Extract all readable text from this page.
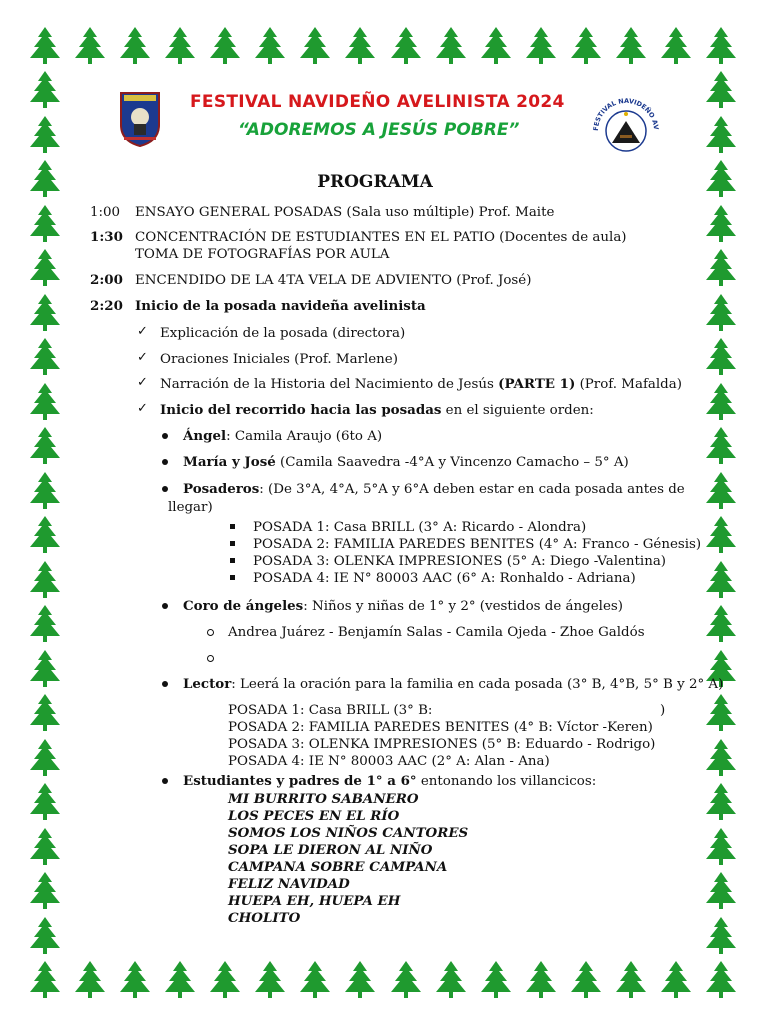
FESTIVAL NAVIDEÑO AVELINISTA 2024
“ADOREMOS A JESÚS POBRE”	FESTIVAL NAVIDEÑO AV
PROGRAMA
1:00 ENSAYO GENERAL POSADAS (Sala uso múltiple) Prof. Maite
1:30 CONCENTRACIÓN DE ESTUDIANTES EN EL PATIO (Docentes de aula)
TOMA DE FOTOGRAFÍAS POR AULA
2:00 ENCENDIDO DE LA 4TA VELA DE ADVIENTO (Prof. José)
2:20 Inicio de la posada navideña avelinista
✓ Explicación de la posada (directora)
✓ Oraciones Iniciales (Prof. Marlene)
✓ Narración de la Historia del Nacimiento de Jesús (PARTE 1) (Prof. Mafalda)
✓ Inicio del recorrido hacia las posadas en el siguiente orden:
Ángel: Camila Araujo (6to A)
María y José (Camila Saavedra -4°A y Vincenzo Camacho – 5° A)
Posaderos: (De 3°A, 4°A, 5°A y 6°A deben estar en cada posada antes de
llegar)
POSADA 1: Casa BRILL (3° A: Ricardo - Alondra)
POSADA 2: FAMILIA PAREDES BENITES (4° A: Franco - Génesis)
POSADA 3: OLENKA IMPRESIONES (5° A: Diego -Valentina)
POSADA 4: IE N° 80003 AAC (6° A: Ronhaldo - Adriana)
Coro de ángeles: Niños y niñas de 1° y 2° (vestidos de ángeles)
Andrea Juárez - Benjamín Salas - Camila Ojeda - Zhoe Galdós
Lector: Leerá la oración para la familia en cada posada (3° B, 4°B, 5° B y 2° A)
POSADA 1: Casa BRILL (3° B:	)
POSADA 2: FAMILIA PAREDES BENITES (4° B: Víctor -Keren)
POSADA 3: OLENKA IMPRESIONES (5° B: Eduardo - Rodrigo)
POSADA 4: IE N° 80003 AAC (2° A: Alan - Ana)
Estudiantes y padres de 1° a 6° entonando los villancicos:
MI BURRITO SABANERO
LOS PECES EN EL RÍO
SOMOS LOS NIÑOS CANTORES
SOPA LE DIERON AL NIÑO
CAMPANA SOBRE CAMPANA
FELIZ NAVIDAD
HUEPA EH, HUEPA EH
CHOLITO
